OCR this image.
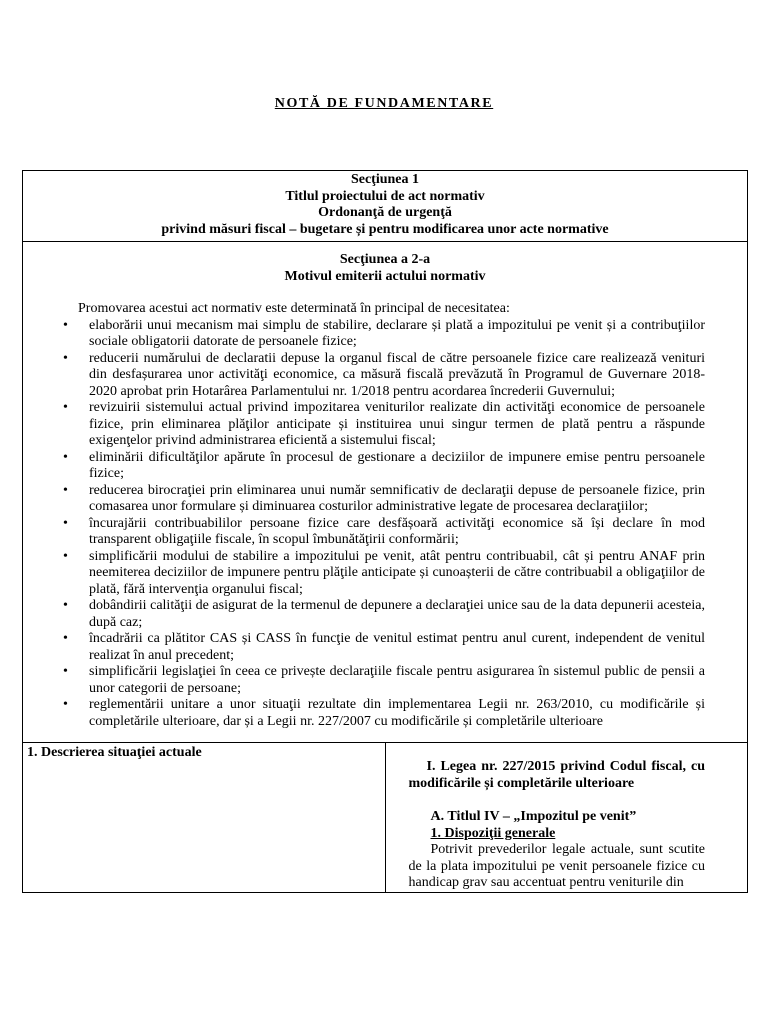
NOTĂ DE FUNDAMENTARE
Secţiunea 1
Titlul proiectului de act normativ
Ordonanţă de urgenţă
privind măsuri fiscal – bugetare și pentru modificarea unor acte normative

Secţiunea a 2-a
Motivul emiterii actului normativ
Promovarea acestui act normativ este determinată în principal de necesitatea:
• elaborării unui mecanism mai simplu de stabilire, declarare și plată a impozitului pe venit și a contribuţiilor sociale obligatorii datorate de persoanele fizice;
• reducerii numărului de declaratii depuse la organul fiscal de către persoanele fizice care realizează venituri din desfașurarea unor activităţi economice, ca măsură fiscală prevăzută în Programul de Guvernare 2018-2020 aprobat prin Hotarârea Parlamentului nr. 1/2018 pentru acordarea încrederii Guvernului;
• revizuirii sistemului actual privind impozitarea veniturilor realizate din activităţi economice de persoanele fizice, prin eliminarea plăţilor anticipate și instituirea unui singur termen de plată pentru a răspunde exigenţelor privind administrarea eficientă a sistemului fiscal;
• eliminării dificultăţilor apărute în procesul de gestionare a deciziilor de impunere emise pentru persoanele fizice;
• reducerea birocraţiei prin eliminarea unui număr semnificativ de declaraţii depuse de persoanele fizice, prin comasarea unor formulare și diminuarea costurilor administrative legate de procesarea declaraţiilor;
• încurajării contribuabililor persoane fizice care desfășoară activităţi economice să își declare în mod transparent obligaţiile fiscale, în scopul îmbunătăţirii conformării;
• simplificării modului de stabilire a impozitului pe venit, atât pentru contribuabil, cât și pentru ANAF prin neemiterea deciziilor de impunere pentru plăţile anticipate și cunoașterii de către contribuabil a obligaţiilor de plată, fără intervenţia organului fiscal;
• dobândirii calităţii de asigurat de la termenul de depunere a declaraţiei unice sau de la data depunerii acesteia, după caz;
• încadrării ca plătitor CAS și CASS în funcţie de venitul estimat pentru anul curent, independent de venitul realizat în anul precedent;
• simplificării legislaţiei în ceea ce privește declaraţiile fiscale pentru asigurarea în sistemul public de pensii a unor categorii de persoane;
• reglementării unitare a unor situaţii rezultate din implementarea Legii nr. 263/2010, cu modificările și completările ulterioare, dar și a Legii nr. 227/2007 cu modificările și completările ulterioare

1. Descrierea situaţiei actuale	
I. Legea nr. 227/2015 privind Codul fiscal, cu modificările și completările ulterioare
A. Titlul IV – „Impozitul pe venit”
1. Dispoziţii generale
Potrivit prevederilor legale actuale, sunt scutite de la plata impozitului pe venit persoanele fizice cu handicap grav sau accentuat pentru veniturile din
